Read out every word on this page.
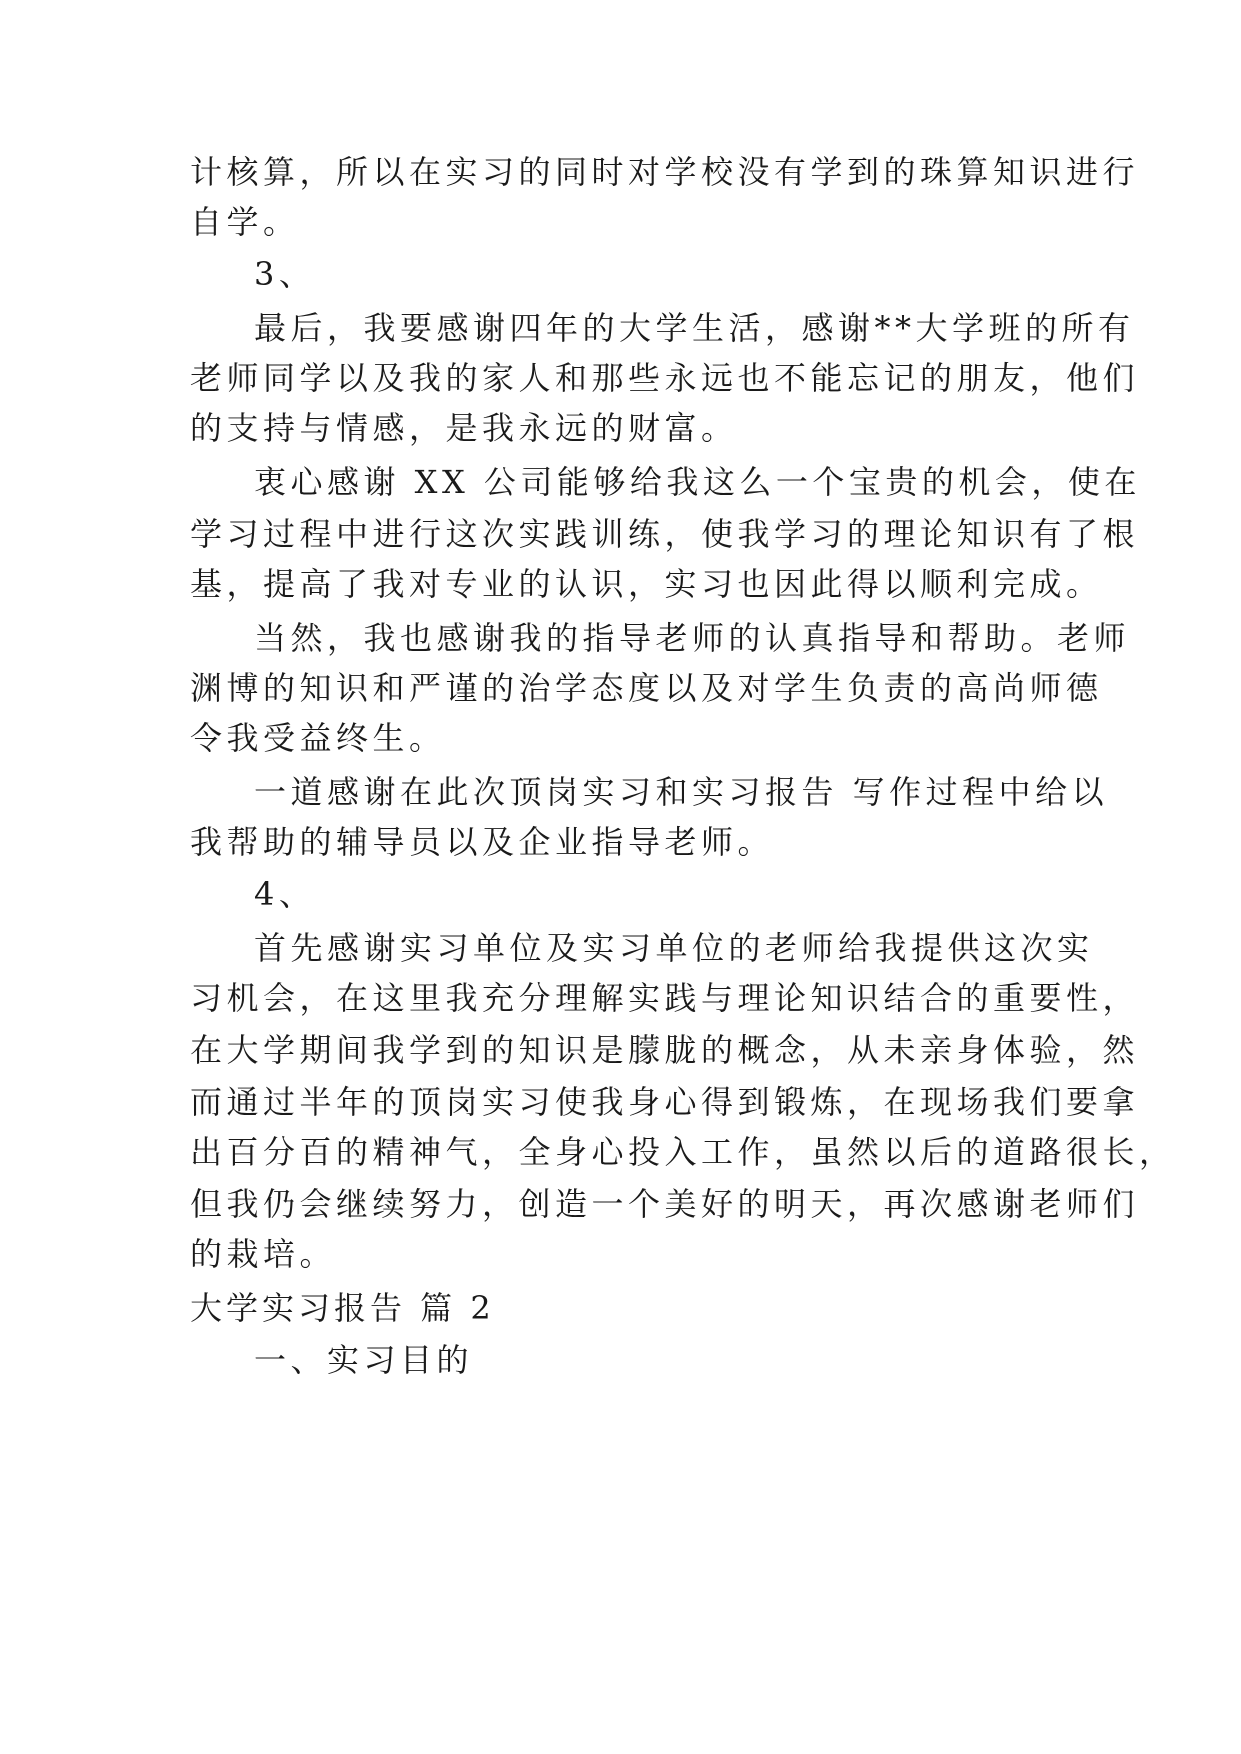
计核算，所以在实习的同时对学校没有学到的珠算知识进行
自学。
3、
最后，我要感谢四年的大学生活，感谢**大学班的所有
老师同学以及我的家人和那些永远也不能忘记的朋友，他们
的支持与情感，是我永远的财富。
衷心感谢 XX 公司能够给我这么一个宝贵的机会，使在
学习过程中进行这次实践训练，使我学习的理论知识有了根
基，提高了我对专业的认识，实习也因此得以顺利完成。
当然，我也感谢我的指导老师的认真指导和帮助。老师
渊博的知识和严谨的治学态度以及对学生负责的高尚师德
令我受益终生。
一道感谢在此次顶岗实习和实习报告 写作过程中给以
我帮助的辅导员以及企业指导老师。
4、
首先感谢实习单位及实习单位的老师给我提供这次实
习机会，在这里我充分理解实践与理论知识结合的重要性，
在大学期间我学到的知识是朦胧的概念，从未亲身体验，然
而通过半年的顶岗实习使我身心得到锻炼，在现场我们要拿
出百分百的精神气，全身心投入工作，虽然以后的道路很长，
但我仍会继续努力，创造一个美好的明天，再次感谢老师们
的栽培。
大学实习报告 篇 2
一、实习目的
